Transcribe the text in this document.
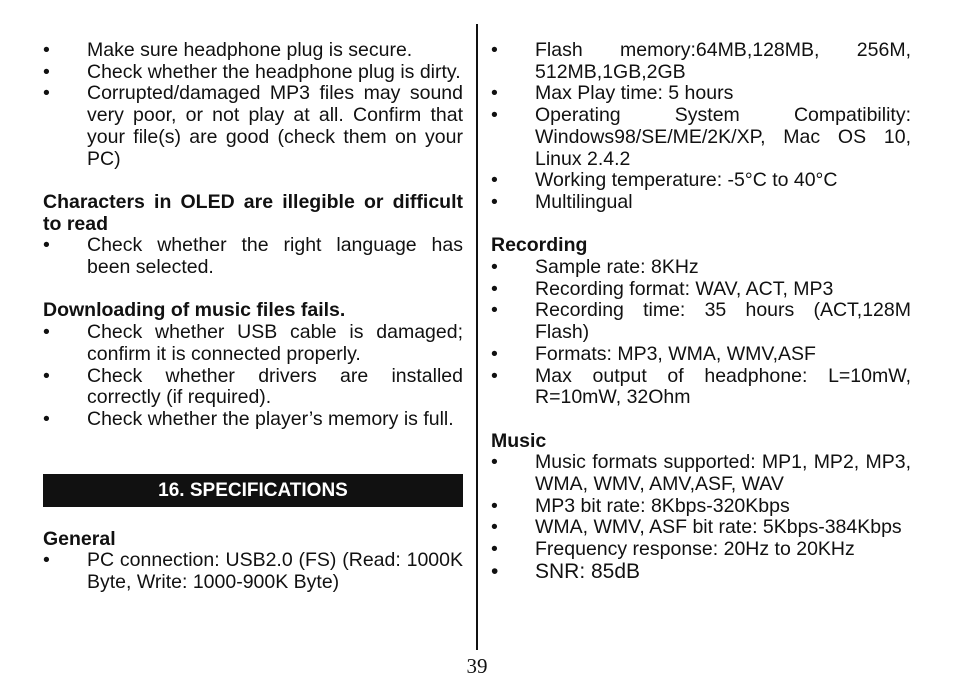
• Make sure headphone plug is secure.
• Check whether the headphone plug is dirty.
• Corrupted/damaged MP3 files may sound very poor, or not play at all. Confirm that your file(s) are good (check them on your PC)
Characters in OLED are illegible or difficult to read
• Check whether the right language has been selected.
Downloading of music files fails.
• Check whether USB cable is damaged; confirm it is connected properly.
• Check whether drivers are installed correctly (if required).
• Check whether the player’s memory is full.
16. SPECIFICATIONS
General
• PC connection: USB2.0 (FS) (Read: 1000K Byte, Write: 1000-900K Byte)
• Flash memory:64MB,128MB, 256M, 512MB,1GB,2GB
• Max Play time: 5 hours
• Operating System Compatibility: Windows98/SE/ME/2K/XP, Mac OS 10, Linux 2.4.2
• Working temperature: -5°C to 40°C
• Multilingual
Recording
• Sample rate: 8KHz
• Recording format: WAV, ACT, MP3
• Recording time: 35 hours (ACT,128M Flash)
• Formats: MP3, WMA, WMV,ASF
• Max output of headphone: L=10mW, R=10mW, 32Ohm
Music
• Music formats supported: MP1, MP2, MP3, WMA, WMV, AMV,ASF, WAV
• MP3 bit rate: 8Kbps-320Kbps
• WMA, WMV, ASF bit rate: 5Kbps-384Kbps
• Frequency response: 20Hz to 20KHz
• SNR: 85dB
39
